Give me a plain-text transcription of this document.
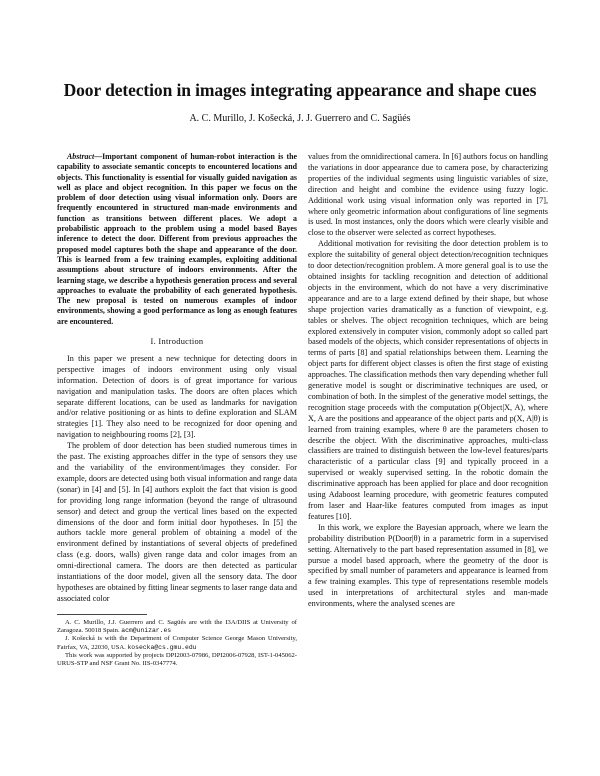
Door detection in images integrating appearance and shape cues
A. C. Murillo, J. Košecká, J. J. Guerrero and C. Sagüés

Abstract—Important component of human-robot interaction is the capability to associate semantic concepts to encountered locations and objects. This functionality is essential for visually guided navigation as well as place and object recognition. In this paper we focus on the problem of door detection using visual information only. Doors are frequently encountered in structured man-made environments and function as transitions between different places. We adopt a probabilistic approach to the problem using a model based Bayes inference to detect the door. Different from previous approaches the proposed model captures both the shape and appearance of the door. This is learned from a few training examples, exploiting additional assumptions about structure of indoors environments. After the learning stage, we describe a hypothesis generation process and several approaches to evaluate the probability of each generated hypothesis. The new proposal is tested on numerous examples of indoor environments, showing a good performance as long as enough features are encountered.

I. Introduction

In this paper we present a new technique for detecting doors in perspective images of indoors environment using only visual information. Detection of doors is of great importance for various navigation and manipulation tasks. The doors are often places which separate different locations, can be used as landmarks for navigation and/or relative positioning or as hints to define exploration and SLAM strategies [1]. They also need to be recognized for door opening and navigation to neighbouring rooms [2], [3].

The problem of door detection has been studied numerous times in the past. The existing approaches differ in the type of sensors they use and the variability of the environment/images they consider. For example, doors are detected using both visual information and range data (sonar) in [4] and [5]. In [4] authors exploit the fact that vision is good for providing long range information (beyond the range of ultrasound sensor) and detect and group the vertical lines based on the expected dimensions of the door and form initial door hypotheses. In [5] the authors tackle more general problem of obtaining a model of the environment defined by instantiations of several objects of predefined class (e.g. doors, walls) given range data and color images from an omni-directional camera. The doors are then detected as particular instantiations of the door model, given all the sensory data. The door hypotheses are obtained by fitting linear segments to laser range data and associated color

A. C. Murillo, J.J. Guerrero and C. Sagüés are with the I3A/DIIS at University of Zaragoza. 50018 Spain. acm@unizar.es

J. Košecká is with the Department of Computer Science George Mason University, Fairfax, VA, 22030, USA. kosecka@cs.gmu.edu

This work was supported by projects DPI2003-07986, DPI2006-07928, IST-1-045062-URUS-STP and NSF Grant No. IIS-0347774.

values from the omnidirectional camera. In [6] authors focus on handling the variations in door appearance due to camera pose, by characterizing properties of the individual segments using linguistic variables of size, direction and height and combine the evidence using fuzzy logic. Additional work using visual information only was reported in [7], where only geometric information about configurations of line segments is used. In most instances, only the doors which were clearly visible and close to the observer were selected as correct hypotheses.

Additional motivation for revisiting the door detection problem is to explore the suitability of general object detection/recognition techniques to door detection/recognition problem. A more general goal is to use the obtained insights for tackling recognition and detection of additional objects in the environment, which do not have a very discriminative appearance and are to a large extend defined by their shape, but whose shape projection varies dramatically as a function of viewpoint, e.g. tables or shelves. The object recognition techniques, which are being explored extensively in computer vision, commonly adopt so called part based models of the objects, which consider representations of objects in terms of parts [8] and spatial relationships between them. Learning the object parts for different object classes is often the first stage of existing approaches. The classification methods then vary depending whether full generative model is sought or discriminative techniques are used, or combination of both. In the simplest of the generative model settings, the recognition stage proceeds with the computation p(Object|X, A), where X, A are the positions and appearance of the object parts and p(X, A|θ) is learned from training examples, where θ are the parameters chosen to describe the object. With the discriminative approaches, multi-class classifiers are trained to distinguish between the low-level features/parts characteristic of a particular class [9] and typically proceed in a supervised or weakly supervised setting. In the robotic domain the discriminative approach has been applied for place and door recognition using Adaboost learning procedure, with geometric features computed from laser and Haar-like features computed from images as input features [10].

In this work, we explore the Bayesian approach, where we learn the probability distribution P(Door|θ) in a parametric form in a supervised setting. Alternatively to the part based representation assumed in [8], we pursue a model based approach, where the geometry of the door is specified by small number of parameters and appearance is learned from a few training examples. This type of representations resemble models used in interpretations of architectural styles and man-made environments, where the analysed scenes are
